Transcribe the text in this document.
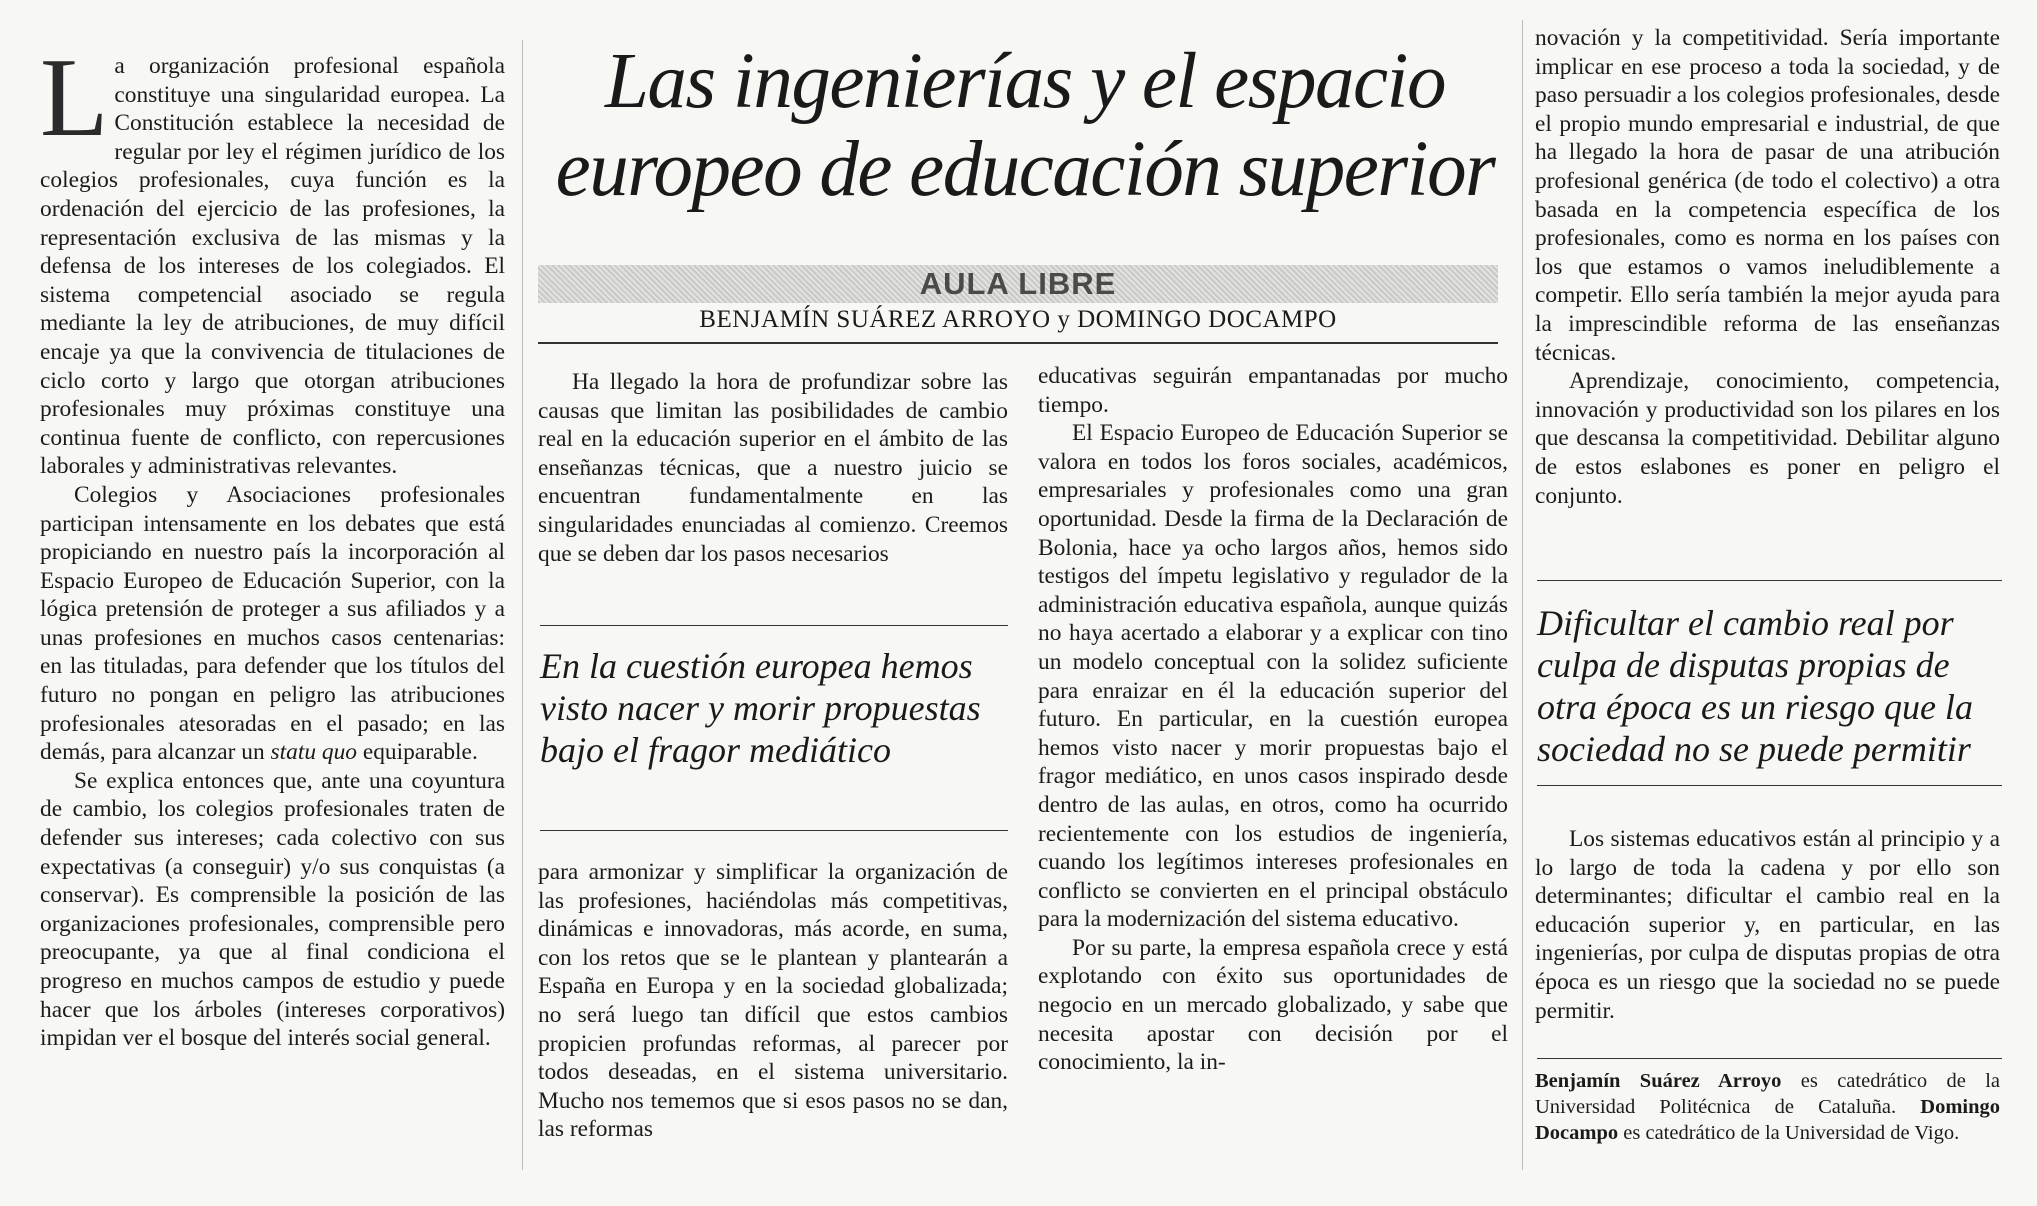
La organización profesional española constituye una singularidad europea. La Constitución establece la necesidad de regular por ley el régimen jurídico de los colegios profesionales, cuya función es la ordenación del ejercicio de las profesiones, la representación exclusiva de las mismas y la defensa de los intereses de los colegiados. El sistema competencial asociado se regula mediante la ley de atribuciones, de muy difícil encaje ya que la convivencia de titulaciones de ciclo corto y largo que otorgan atribuciones profesionales muy próximas constituye una continua fuente de conflicto, con repercusiones laborales y administrativas relevantes.

Colegios y Asociaciones profesionales participan intensamente en los debates que está propiciando en nuestro país la incorporación al Espacio Europeo de Educación Superior, con la lógica pretensión de proteger a sus afiliados y a unas profesiones en muchos casos centenarias: en las tituladas, para defender que los títulos del futuro no pongan en peligro las atribuciones profesionales atesoradas en el pasado; en las demás, para alcanzar un statu quo equiparable.

Se explica entonces que, ante una coyuntura de cambio, los colegios profesionales traten de defender sus intereses; cada colectivo con sus expectativas (a conseguir) y/o sus conquistas (a conservar). Es comprensible la posición de las organizaciones profesionales, comprensible pero preocupante, ya que al final condiciona el progreso en muchos campos de estudio y puede hacer que los árboles (intereses corporativos) impidan ver el bosque del interés social general.

Las ingenierías y el espacio
europeo de educación superior
AULA LIBRE
BENJAMÍN SUÁREZ ARROYO y DOMINGO DOCAMPO

Ha llegado la hora de profundizar sobre las causas que limitan las posibilidades de cambio real en la educación superior en el ámbito de las enseñanzas técnicas, que a nuestro juicio se encuentran fundamentalmente en las singularidades enunciadas al comienzo. Creemos que se deben dar los pasos necesarios

En la cuestión europea hemos visto nacer y morir propuestas bajo el fragor mediático

para armonizar y simplificar la organización de las profesiones, haciéndolas más competitivas, dinámicas e innovadoras, más acorde, en suma, con los retos que se le plantean y plantearán a España en Europa y en la sociedad globalizada; no será luego tan difícil que estos cambios propicien profundas reformas, al parecer por todos deseadas, en el sistema universitario. Mucho nos tememos que si esos pasos no se dan, las reformas

educativas seguirán empantanadas por mucho tiempo.

El Espacio Europeo de Educación Superior se valora en todos los foros sociales, académicos, empresariales y profesionales como una gran oportunidad. Desde la firma de la Declaración de Bolonia, hace ya ocho largos años, hemos sido testigos del ímpetu legislativo y regulador de la administración educativa española, aunque quizás no haya acertado a elaborar y a explicar con tino un modelo conceptual con la solidez suficiente para enraizar en él la educación superior del futuro. En particular, en la cuestión europea hemos visto nacer y morir propuestas bajo el fragor mediático, en unos casos inspirado desde dentro de las aulas, en otros, como ha ocurrido recientemente con los estudios de ingeniería, cuando los legítimos intereses profesionales en conflicto se convierten en el principal obstáculo para la modernización del sistema educativo.

Por su parte, la empresa española crece y está explotando con éxito sus oportunidades de negocio en un mercado globalizado, y sabe que necesita apostar con decisión por el conocimiento, la in-

novación y la competitividad. Sería importante implicar en ese proceso a toda la sociedad, y de paso persuadir a los colegios profesionales, desde el propio mundo empresarial e industrial, de que ha llegado la hora de pasar de una atribución profesional genérica (de todo el colectivo) a otra basada en la competencia específica de los profesionales, como es norma en los países con los que estamos o vamos ineludiblemente a competir. Ello sería también la mejor ayuda para la imprescindible reforma de las enseñanzas técnicas.

Aprendizaje, conocimiento, competencia, innovación y productividad son los pilares en los que descansa la competitividad. Debilitar alguno de estos eslabones es poner en peligro el conjunto.

Dificultar el cambio real por culpa de disputas propias de otra época es un riesgo que la sociedad no se puede permitir

Los sistemas educativos están al principio y a lo largo de toda la cadena y por ello son determinantes; dificultar el cambio real en la educación superior y, en particular, en las ingenierías, por culpa de disputas propias de otra época es un riesgo que la sociedad no se puede permitir.

Benjamín Suárez Arroyo es catedrático de la Universidad Politécnica de Cataluña. Domingo Docampo es catedrático de la Universidad de Vigo.
